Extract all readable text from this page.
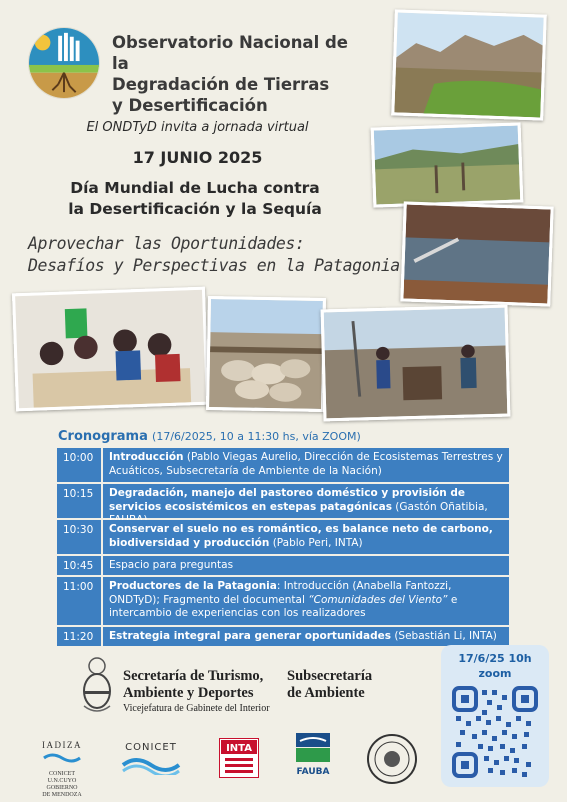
Observatorio Nacional de la
Degradación de Tierras
y Desertificación
El ONDTyD invita a jornada virtual
17 JUNIO 2025
Día Mundial de Lucha contra
la Desertificación y la Sequía
Aprovechar las Oportunidades:
Desafíos y Perspectivas en la Patagonia
Cronograma (17/6/2025, 10 a 11:30 hs, vía ZOOM)
10:00	Introducción (Pablo Viegas Aurelio, Dirección de Ecosistemas Terrestres y Acuáticos, Subsecretaría de Ambiente de la Nación)
10:15	Degradación, manejo del pastoreo doméstico y provisión de servicios ecosistémicos en estepas patagónicas (Gastón Oñatibia,
10:30	Conservar el suelo no es romántico, es balance neto de carbono, biodiversidad y producción (Pablo Peri, INTA)
10:45	Espacio para preguntas
11:00	Productores de la Patagonia: Introducción (Anabella Fantozzi, ONDTyD); Fragmento del documental “Comunidades del Viento” e intercambio de experiencias con los realizadores
11:20	Estrategia integral para generar oportunidades (Sebastián Li, INTA)
Secretaría de Turismo,
Ambiente y Deportes
Vicejefatura de Gabinete del Interior
Subsecretaría
de Ambiente
IADIZA
CONICET
U.N.CUYO
GOBIERNO
DE MENDOZA
CONICET	INTA
FAUBA
17/6/25 10h
zoom
